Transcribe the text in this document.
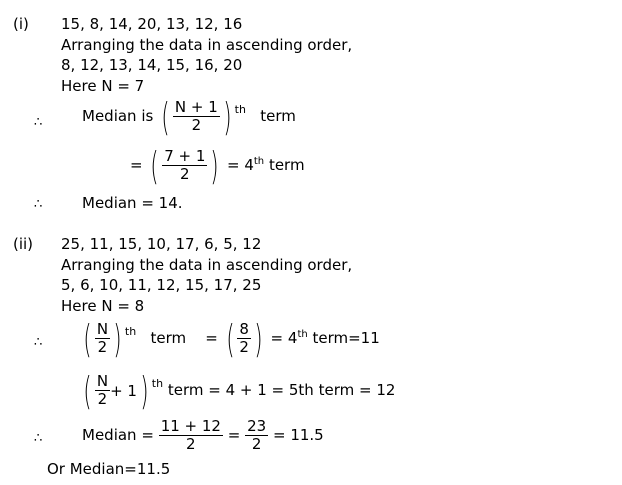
(i) 15, 8, 14, 20, 13, 12, 16
Arranging the data in ascending order,
8, 12, 13, 14, 15, 16, 20
Here N = 7
∴	Median is ( $\frac{N + 1}{2}$ ) $^{th}$ term
= ( $\frac{7 + 1}{2}$ ) = 4th term
∴	Median = 14.
(ii) 25, 11, 15, 10, 17, 6, 5, 12
Arranging the data in ascending order,
5, 6, 10, 11, 12, 15, 17, 25
Here N = 8
∴ ( $\frac{N}{2}$ ) $^{th}$ term = ( $\frac{8}{2}$ ) = 4th term=11
( $\frac{N}{2} + 1$ ) $^{th}$ term = 4 + 1 = 5th term = 12
∴	Median = $\frac{11 + 12}{2} = \frac{23}{2} = 11.5$
Or Median=11.5
